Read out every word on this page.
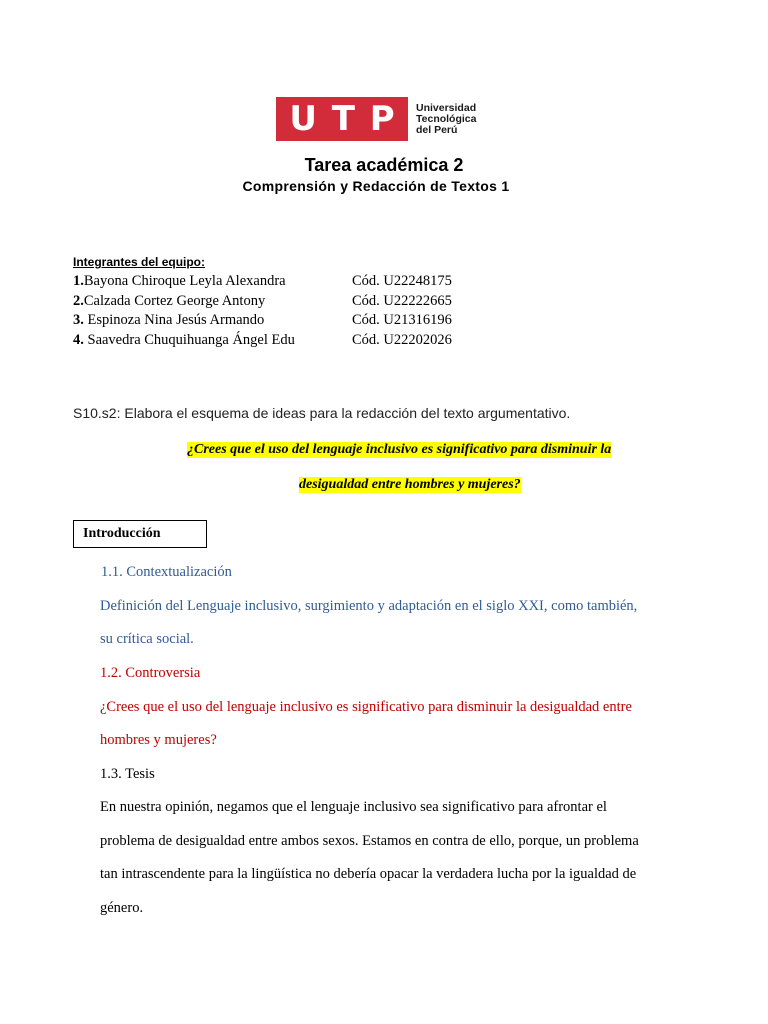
U T P Universidad
Tecnológica
del Perú
Tarea académica 2
Comprensión y Redacción de Textos 1
Integrantes del equipo:
1.Bayona Chiroque Leyla Alexandra	Cód. U22248175
2.Calzada Cortez George Antony	Cód. U22222665
3. Espinoza Nina Jesús Armando	Cód. U21316196
4. Saavedra Chuquihuanga Ángel Edu	Cód. U22202026
S10.s2: Elabora el esquema de ideas para la redacción del texto argumentativo.
¿Crees que el uso del lenguaje inclusivo es significativo para disminuir la
desigualdad entre hombres y mujeres?
Introducción
1.1. Contextualización
Definición del Lenguaje inclusivo, surgimiento y adaptación en el siglo XXI, como también,
su crítica social.
1.2. Controversia
¿Crees que el uso del lenguaje inclusivo es significativo para disminuir la desigualdad entre
hombres y mujeres?
1.3. Tesis
En nuestra opinión, negamos que el lenguaje inclusivo sea significativo para afrontar el
problema de desigualdad entre ambos sexos. Estamos en contra de ello, porque, un problema
tan intrascendente para la lingüística no debería opacar la verdadera lucha por la igualdad de
género.
